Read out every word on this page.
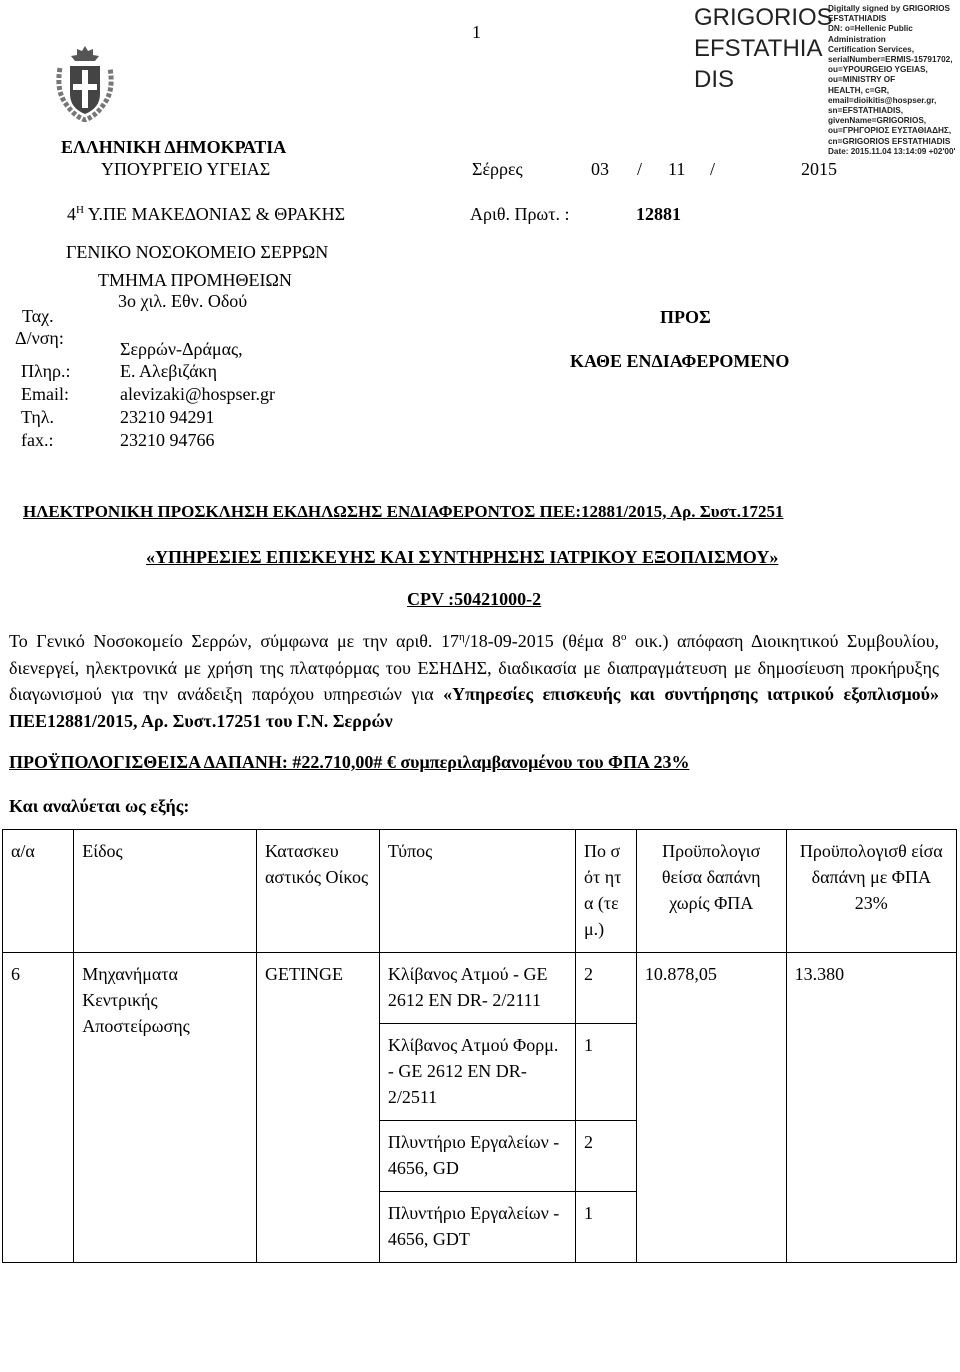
1
GRIGORIOS
EFSTATHIA
DIS
Digitally signed by GRIGORIOS
EFSTATHIADIS
DN: o=Hellenic Public Administration
Certification Services,
serialNumber=ERMIS-15791702,
ou=YPOURGEIO YGEIAS, ou=MINISTRY OF
HEALTH, c=GR, email=dioikitis@hospser.gr,
sn=EFSTATHIADIS, givenName=GRIGORIOS,
ou=ΓΡΗΓΟΡΙΟΣ ΕΥΣΤΑΘΙΑΔΗΣ,
cn=GRIGORIOS EFSTATHIADIS
Date: 2015.11.04 13:14:09 +02'00'
ΕΛΛΗΝΙΚΗ ΔΗΜΟΚΡΑΤΙΑ
ΥΠΟΥΡΓΕΙΟ ΥΓΕΙΑΣ	Σέρρες	03 / 11 /	2015
$4^H$ Υ.ΠΕ ΜΑΚΕΔΟΝΙΑΣ & ΘΡΑΚΗΣ	Αριθ. Πρωτ. :	12881
ΓΕΝΙΚΟ ΝΟΣΟΚΟΜΕΙΟ ΣΕΡΡΩΝ
ΤΜΗΜΑ ΠΡΟΜΗΘΕΙΩΝ
3ο χιλ. Εθν. Οδού
Ταχ.
Δ/νση:
Σερρών-Δράμας,
Πληρ.:	Ε. Αλεβιζάκη
Email:	alevizaki@hospser.gr
Τηλ.	23210 94291
fax.:	23210 94766
ΠΡΟΣ
ΚΑΘΕ ΕΝΔΙΑΦΕΡΟΜΕΝΟ
ΗΛΕΚΤΡΟΝΙΚΗ ΠΡΟΣΚΛΗΣΗ ΕΚΔΗΛΩΣΗΣ ΕΝΔΙΑΦΕΡΟΝΤΟΣ ΠΕΕ:12881/2015, Αρ. Συστ.17251
«ΥΠΗΡΕΣΙΕΣ ΕΠΙΣΚΕΥΗΣ ΚΑΙ ΣΥΝΤΗΡΗΣΗΣ ΙΑΤΡΙΚΟΥ ΕΞΟΠΛΙΣΜΟΥ»
CPV :50421000-2
Το Γενικό Νοσοκομείο Σερρών, σύμφωνα με την αριθ. $17^\eta/18-09-2015$ (θέμα $8^o$ οικ.) απόφαση Διοικητικού Συμβουλίου, διενεργεί, ηλεκτρονικά με χρήση της πλατφόρμας του ΕΣΗΔΗΣ, διαδικασία με διαπραγμάτευση με δημοσίευση προκήρυξης διαγωνισμού για την ανάδειξη παρόχου υπηρεσιών για «Υπηρεσίες επισκευής και συντήρησης ιατρικού εξοπλισμού» ΠΕΕ12881/2015, Αρ. Συστ.17251 του Γ.Ν. Σερρών
ΠΡΟΫΠΟΛΟΓΙΣΘΕΙΣΑ ΔΑΠΑΝΗ: #22.710,00# € συμπεριλαμβανομένου του ΦΠΑ 23%
Και αναλύεται ως εξής:
α/α	Είδος	Κατασκευ αστικός Οίκος	Τύπος	Πο σότ ητα (τε μ.)	Προϋπολογισ θείσα δαπάνη χωρίς ΦΠΑ	Προϋπολογισθ είσα δαπάνη με ΦΠΑ 23%
6	Μηχανήματα Κεντρικής Αποστείρωσης	GETINGE	Κλίβανος Ατμού - GE 2612 EN DR- 2/2111	2	10.878,05	13.380
			Κλίβανος Ατμού Φορμ. - GE 2612 EN DR-2/2511	1		
			Πλυντήριο Εργαλείων - 4656, GD	2		
			Πλυντήριο Εργαλείων - 4656, GDT	1		
